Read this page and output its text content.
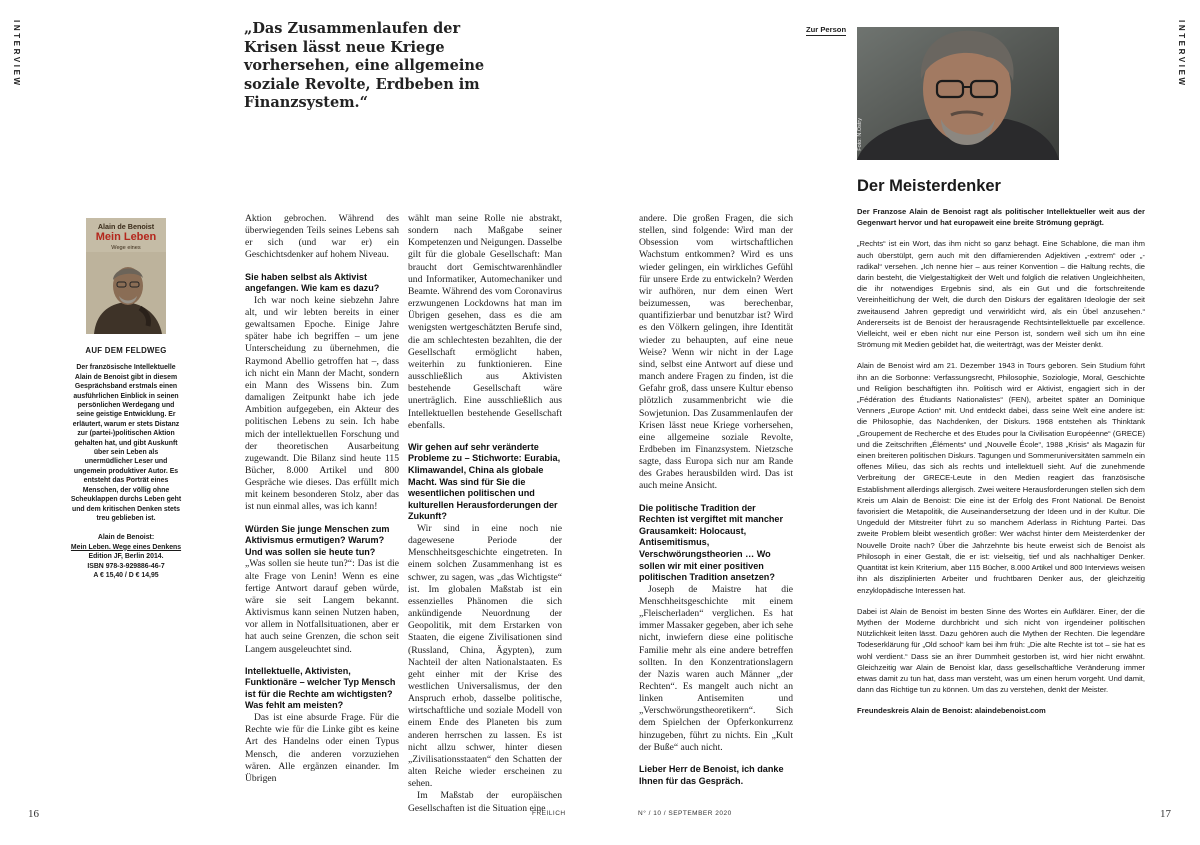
INTERVIEW	INTERVIEW

„Das Zusammenlaufen der Krisen lässt neue Kriege vorhersehen, eine allgemeine soziale Revolte, Erdbeben im Finanzsystem.“

Alain de Benoist
Mein Leben
Wege eines
AUF DEM FELDWEG

Der französische Intellektuelle Alain de Benoist gibt in diesem Gesprächsband erstmals einen ausführlichen Einblick in seinen persönlichen Werdegang und seine geistige Entwicklung. Er erläutert, warum er stets Distanz zur (partei-)politischen Aktion gehalten hat, und gibt Auskunft über sein Leben als unermüdlicher Leser und ungemein produktiver Autor. Es entsteht das Porträt eines Menschen, der völlig ohne Scheuklappen durchs Leben geht und dem kritischen Denken stets treu geblieben ist.

Alain de Benoist:

Mein Leben. Wege eines Denkens

Edition JF, Berlin 2014.

ISBN 978-3-929886-46-7

A € 15,40 / D € 14,95

Aktion gebrochen. Während des überwiegenden Teils seines Lebens sah er sich (und war er) ein Geschichtsdenker auf hohem Niveau.

Sie haben selbst als Aktivist angefangen. Wie kam es dazu?

Ich war noch keine siebzehn Jahre alt, und wir lebten bereits in einer gewaltsamen Epoche. Einige Jahre später habe ich begriffen – um jene Unterscheidung zu übernehmen, die Raymond Abellio getroffen hat –, dass ich nicht ein Mann der Macht, sondern ein Mann des Wissens bin. Zum damaligen Zeitpunkt habe ich jede Ambition aufgegeben, ein Akteur des politischen Lebens zu sein. Ich habe mich der intellektuellen Forschung und der theoretischen Ausarbeitung zugewandt. Die Bilanz sind heute 115 Bücher, 8.000 Artikel und 800 Gespräche wie dieses. Das erfüllt mich mit keinem besonderen Stolz, aber das ist nun einmal alles, was ich kann!

Würden Sie junge Menschen zum Aktivismus ermutigen? Warum? Und was sollen sie heute tun?

„Was sollen sie heute tun?“: Das ist die alte Frage von Lenin! Wenn es eine fertige Antwort darauf geben würde, wäre sie seit Langem bekannt. Aktivismus kann seinen Nutzen haben, vor allem in Notfallsituationen, aber er hat auch seine Grenzen, die schon seit Langem ausgeleuchtet sind.

Intellektuelle, Aktivisten, Funktionäre – welcher Typ Mensch ist für die Rechte am wichtigsten? Was fehlt am meisten?

Das ist eine absurde Frage. Für die Rechte wie für die Linke gibt es keine Art des Handelns oder einen Typus Mensch, die anderen vorzuziehen wären. Alle ergänzen einander. Im Übrigen

wählt man seine Rolle nie abstrakt, sondern nach Maßgabe seiner Kompetenzen und Neigungen. Dasselbe gilt für die globale Gesellschaft: Man braucht dort Gemischtwarenhändler und Informatiker, Automechaniker und Beamte. Während des vom Coronavirus erzwungenen Lockdowns hat man im Übrigen gesehen, dass es die am wenigsten wertgeschätzten Berufe sind, die am schlechtesten bezahlten, die der Gesellschaft ermöglicht haben, weiterhin zu funktionieren. Eine ausschließlich aus Aktivisten bestehende Gesellschaft wäre unerträglich. Eine ausschließlich aus Intellektuellen bestehende Gesellschaft ebenfalls.

Wir gehen auf sehr veränderte Probleme zu – Stichworte: Eurabia, Klimawandel, China als globale Macht. Was sind für Sie die wesentlichen politischen und kulturellen Herausforderungen der Zukunft?

Wir sind in eine noch nie dagewesene Periode der Menschheitsgeschichte eingetreten. In einem solchen Zusammenhang ist es schwer, zu sagen, was „das Wichtigste“ ist. Im globalen Maßstab ist ein essenzielles Phänomen die sich ankündigende Neuordnung der Geopolitik, mit dem Erstarken von Staaten, die eigene Zivilisationen sind (Russland, China, Ägypten), zum Nachteil der alten Nationalstaaten. Es geht einher mit der Krise des westlichen Universalismus, der den Anspruch erhob, dasselbe politische, wirtschaftliche und soziale Modell von einem Ende des Planeten bis zum anderen herrschen zu lassen. Es ist nicht allzu schwer, hinter diesen „Zivilisationsstaaten“ den Schatten der alten Reiche wieder erscheinen zu sehen.

Im Maßstab der europäischen Gesellschaften ist die Situation eine

andere. Die großen Fragen, die sich stellen, sind folgende: Wird man der Obsession vom wirtschaftlichen Wachstum entkommen? Wird es uns wieder gelingen, ein wirkliches Gefühl für unsere Erde zu entwickeln? Werden wir aufhören, nur dem einen Wert beizumessen, was berechenbar, quantifizierbar und benutzbar ist? Wird es den Völkern gelingen, ihre Identität wieder zu behaupten, auf eine neue Weise? Wenn wir nicht in der Lage sind, selbst eine Antwort auf diese und manch andere Fragen zu finden, ist die Gefahr groß, dass unsere Kultur ebenso plötzlich zusammenbricht wie die Sowjetunion. Das Zusammenlaufen der Krisen lässt neue Kriege vorhersehen, eine allgemeine soziale Revolte, Erdbeben im Finanzsystem. Nietzsche sagte, dass Europa sich nur am Rande des Grabes herausbilden wird. Das ist auch meine Ansicht.

Die politische Tradition der Rechten ist vergiftet mit mancher Grausamkeit: Holocaust, Antisemitismus, Verschwörungstheorien … Wo sollen wir mit einer positiven politischen Tradition ansetzen?

Joseph de Maistre hat die Menschheitsgeschichte mit einem „Fleischerladen“ verglichen. Es hat immer Massaker gegeben, aber ich sehe nicht, inwiefern diese eine politische Familie mehr als eine andere betreffen sollten. In den Konzentrationslagern der Nazis waren auch Männer „der Rechten“. Es mangelt auch nicht an linken Antisemiten und „Verschwörungstheoretikern“. Sich dem Spielchen der Opferkonkurrenz hinzugeben, führt zu nichts. Ein „Kult der Buße“ auch nicht.

Lieber Herr de Benoist, ich danke Ihnen für das Gespräch.

Zur Person
Foto: N.Ostry
Der Meisterdenker

Der Franzose Alain de Benoist ragt als politischer Intellektueller weit aus der Gegenwart hervor und hat europaweit eine breite Strömung geprägt.

„Rechts“ ist ein Wort, das ihm nicht so ganz behagt. Eine Schablone, die man ihm auch überstülpt, gern auch mit den diffamierenden Adjektiven „-extrem“ oder „-radikal“ versehen. „Ich nenne hier – aus reiner Konvention – die Haltung rechts, die darin besteht, die Vielgestaltigkeit der Welt und folglich die relativen Ungleichheiten, die ihr notwendiges Ergebnis sind, als ein Gut und die fortschreitende Vereinheitlichung der Welt, die durch den Diskurs der egalitären Ideologie der seit zweitausend Jahren gepredigt und verwirklicht wird, als ein Übel anzusehen.“ Andererseits ist de Benoist der herausragende Rechtsintellektuelle par excellence. Vielleicht, weil er eben nicht nur eine Person ist, sondern weil sich um ihn eine Strömung mit Medien gebildet hat, die weiterträgt, was der Meister denkt.

Alain de Benoist wird am 21. Dezember 1943 in Tours geboren. Sein Studium führt ihn an die Sorbonne: Verfassungsrecht, Philosophie, Soziologie, Moral, Geschichte und Religion beschäftigten ihn. Politisch wird er Aktivist, engagiert sich in der „Fédération des Étudiants Nationalistes“ (FEN), arbeitet später an Dominique Venners „Europe Action“ mit. Und entdeckt dabei, dass seine Welt eine andere ist: die Philosophie, das Nachdenken, der Diskurs. 1968 entstehen als Thinktank „Groupement de Recherche et des Etudes pour la Civilisation Européenne“ (GRECE) und die Zeitschriften „Éléments“ und „Nouvelle École“, 1988 „Krisis“ als Magazin für einen breiteren politischen Diskurs. Tagungen und Sommeruniversitäten sammeln ein offenes Milieu, das sich als rechts und intellektuell sieht. Auf die zunehmende Verbreitung der GRECE-Leute in den Medien reagiert das französische Establishment allerdings allergisch. Zwei weitere Herausforderungen stellen sich dem Kreis um Alain de Benoist: Die eine ist der Erfolg des Front National. De Benoist favorisiert die Metapolitik, die Auseinandersetzung der Ideen und in der Kultur. Die Ungeduld der Mitstreiter führt zu so manchem Aderlass in Richtung Partei. Das zweite Problem bleibt wesentlich größer: Wer wächst hinter dem Meisterdenker der Nouvelle Droite nach? Über die Jahrzehnte bis heute erweist sich de Benoist als Philosoph in einer Gestalt, die er ist: vielseitig, tief und als nachhaltiger Denker. Quantität ist kein Kriterium, aber 115 Bücher, 8.000 Artikel und 800 Interviews weisen ihn als disziplinierten Arbeiter und fruchtbaren Denker aus, der gleichzeitig enzyklopädische Interessen hat.

Dabei ist Alain de Benoist im besten Sinne des Wortes ein Aufklärer. Einer, der die Mythen der Moderne durchbricht und sich nicht von irgendeiner politischen Nützlichkeit leiten lässt. Dazu gehören auch die Mythen der Rechten. Die legendäre Todeserklärung für „Old school“ kam bei ihm früh: „Die alte Rechte ist tot – sie hat es wohl verdient.“ Dass sie an ihrer Dummheit gestorben ist, wird hier nicht erwähnt. Gleichzeitig war Alain de Benoist klar, dass gesellschaftliche Veränderung immer etwas damit zu tun hat, dass man versteht, was um einen herum vorgeht. Und damit, dann das Richtige tun zu können. Um das zu verstehen, denkt der Meister.

Freundeskreis Alain de Benoist: alaindebenoist.com

16	FREILICH	N° / 10 / SEPTEMBER 2020	17
